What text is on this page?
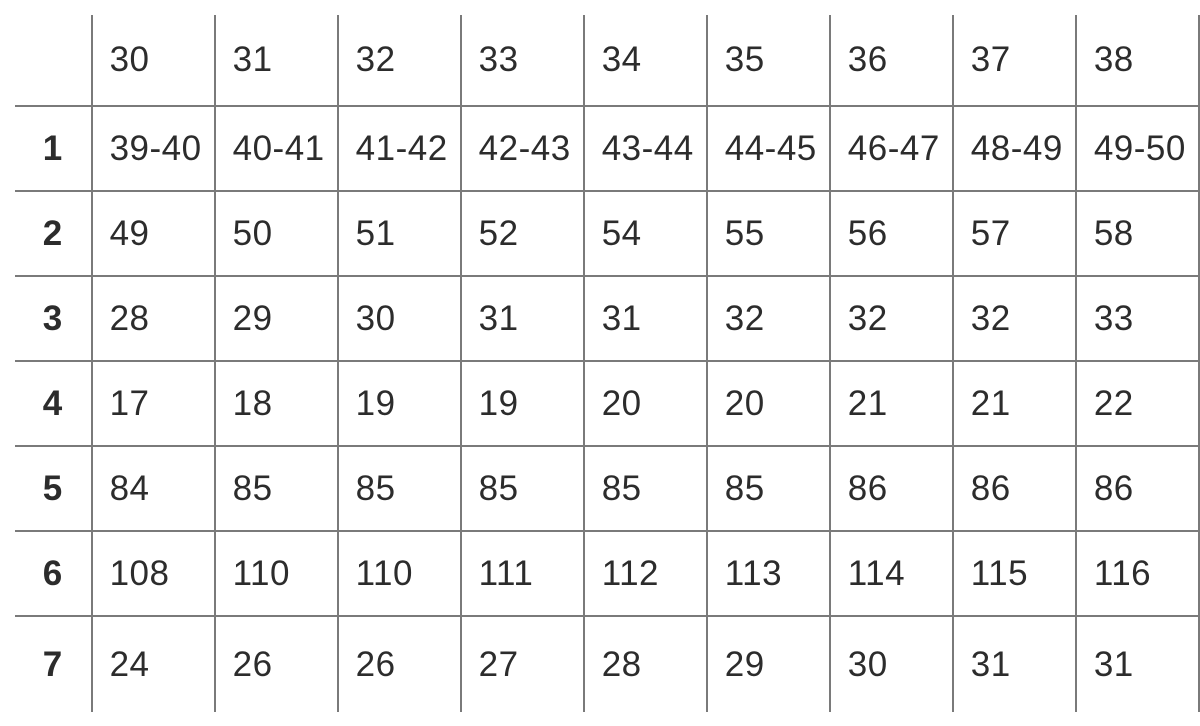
	30	31	32	33	34	35	36	37	38
1	39-40	40-41	41-42	42-43	43-44	44-45	46-47	48-49	49-50
2	49	50	51	52	54	55	56	57	58
3	28	29	30	31	31	32	32	32	33
4	17	18	19	19	20	20	21	21	22
5	84	85	85	85	85	85	86	86	86
6	108	110	110	111	112	113	114	115	116
7	24	26	26	27	28	29	30	31	31
